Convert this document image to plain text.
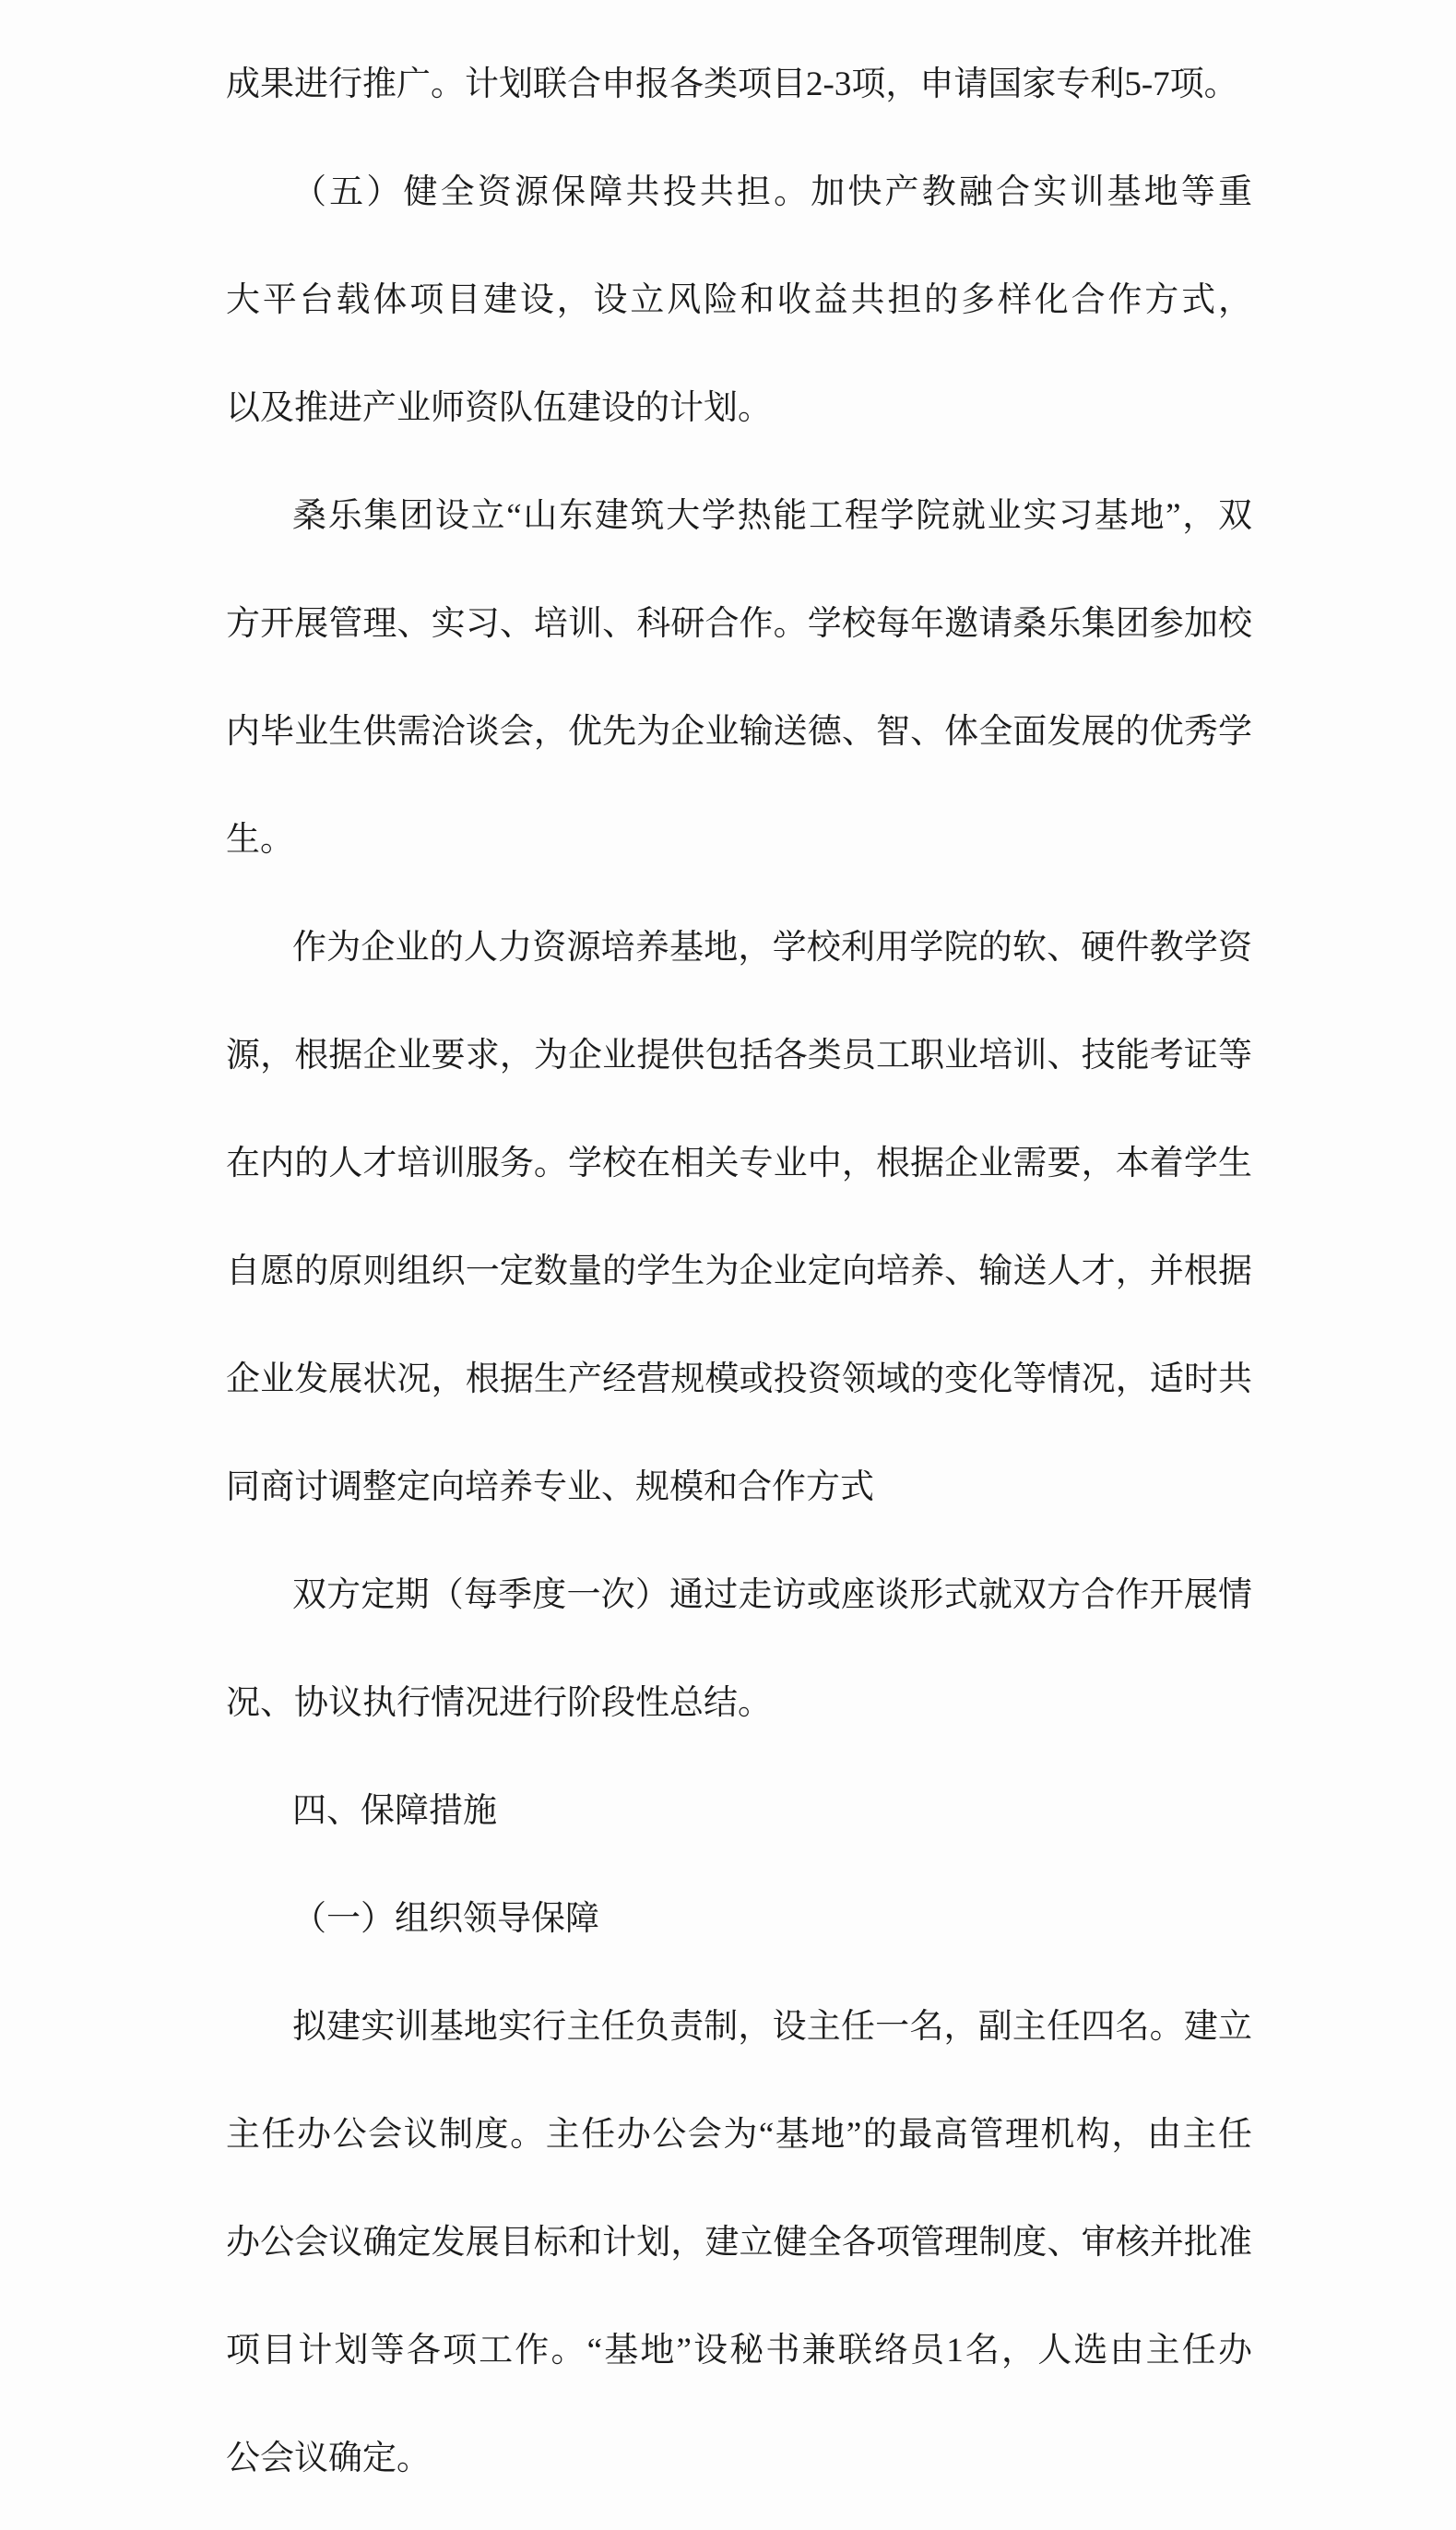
成果进行推广。计划联合申报各类项目2-3项，申请国家专利5-7项。

（五）健全资源保障共投共担。加快产教融合实训基地等重

大平台载体项目建设，设立风险和收益共担的多样化合作方式，

以及推进产业师资队伍建设的计划。

桑乐集团设立“山东建筑大学热能工程学院就业实习基地”，双

方开展管理、实习、培训、科研合作。学校每年邀请桑乐集团参加校

内毕业生供需洽谈会，优先为企业输送德、智、体全面发展的优秀学

生。

作为企业的人力资源培养基地，学校利用学院的软、硬件教学资

源，根据企业要求，为企业提供包括各类员工职业培训、技能考证等

在内的人才培训服务。学校在相关专业中，根据企业需要，本着学生

自愿的原则组织一定数量的学生为企业定向培养、输送人才，并根据

企业发展状况，根据生产经营规模或投资领域的变化等情况，适时共

同商讨调整定向培养专业、规模和合作方式

双方定期（每季度一次）通过走访或座谈形式就双方合作开展情

况、协议执行情况进行阶段性总结。

四、保障措施

（一）组织领导保障

拟建实训基地实行主任负责制，设主任一名，副主任四名。建立

主任办公会议制度。主任办公会为“基地”的最高管理机构，由主任

办公会议确定发展目标和计划，建立健全各项管理制度、审核并批准

项目计划等各项工作。“基地”设秘书兼联络员1名，人选由主任办

公会议确定。
